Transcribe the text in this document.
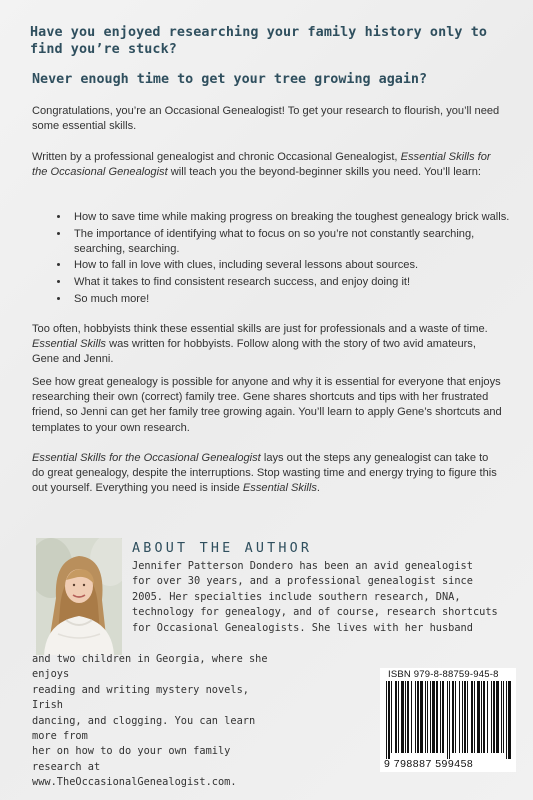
Have you enjoyed researching your family history only to find you’re stuck?
Never enough time to get your tree growing again?
Congratulations, you’re an Occasional Genealogist! To get your research to flourish, you’ll need some essential skills.
Written by a professional genealogist and chronic Occasional Genealogist, Essential Skills for the Occasional Genealogist will teach you the beyond-beginner skills you need. You’ll learn:
• How to save time while making progress on breaking the toughest genealogy brick walls.
• The importance of identifying what to focus on so you’re not constantly searching, searching, searching.
• How to fall in love with clues, including several lessons about sources.
• What it takes to find consistent research success, and enjoy doing it!
• So much more!
Too often, hobbyists think these essential skills are just for professionals and a waste of time. Essential Skills was written for hobbyists. Follow along with the story of two avid amateurs, Gene and Jenni.
See how great genealogy is possible for anyone and why it is essential for everyone that enjoys researching their own (correct) family tree. Gene shares shortcuts and tips with her frustrated friend, so Jenni can get her family tree growing again. You’ll learn to apply Gene’s shortcuts and templates to your own research.
Essential Skills for the Occasional Genealogist lays out the steps any genealogist can take to do great genealogy, despite the interruptions. Stop wasting time and energy trying to figure this out yourself. Everything you need is inside Essential Skills.
ABOUT THE AUTHOR
Jennifer Patterson Dondero has been an avid genealogist
for over 30 years, and a professional genealogist since
2005. Her specialties include southern research, DNA,
technology for genealogy, and of course, research shortcuts
for Occasional Genealogists. She lives with her husband
and two children in Georgia, where she enjoys
reading and writing mystery novels, Irish
dancing, and clogging. You can learn more from
her on how to do your own family research at
www.TheOccasionalGenealogist.com.
ISBN 979-8-88759-945-8
9 798887 599458
